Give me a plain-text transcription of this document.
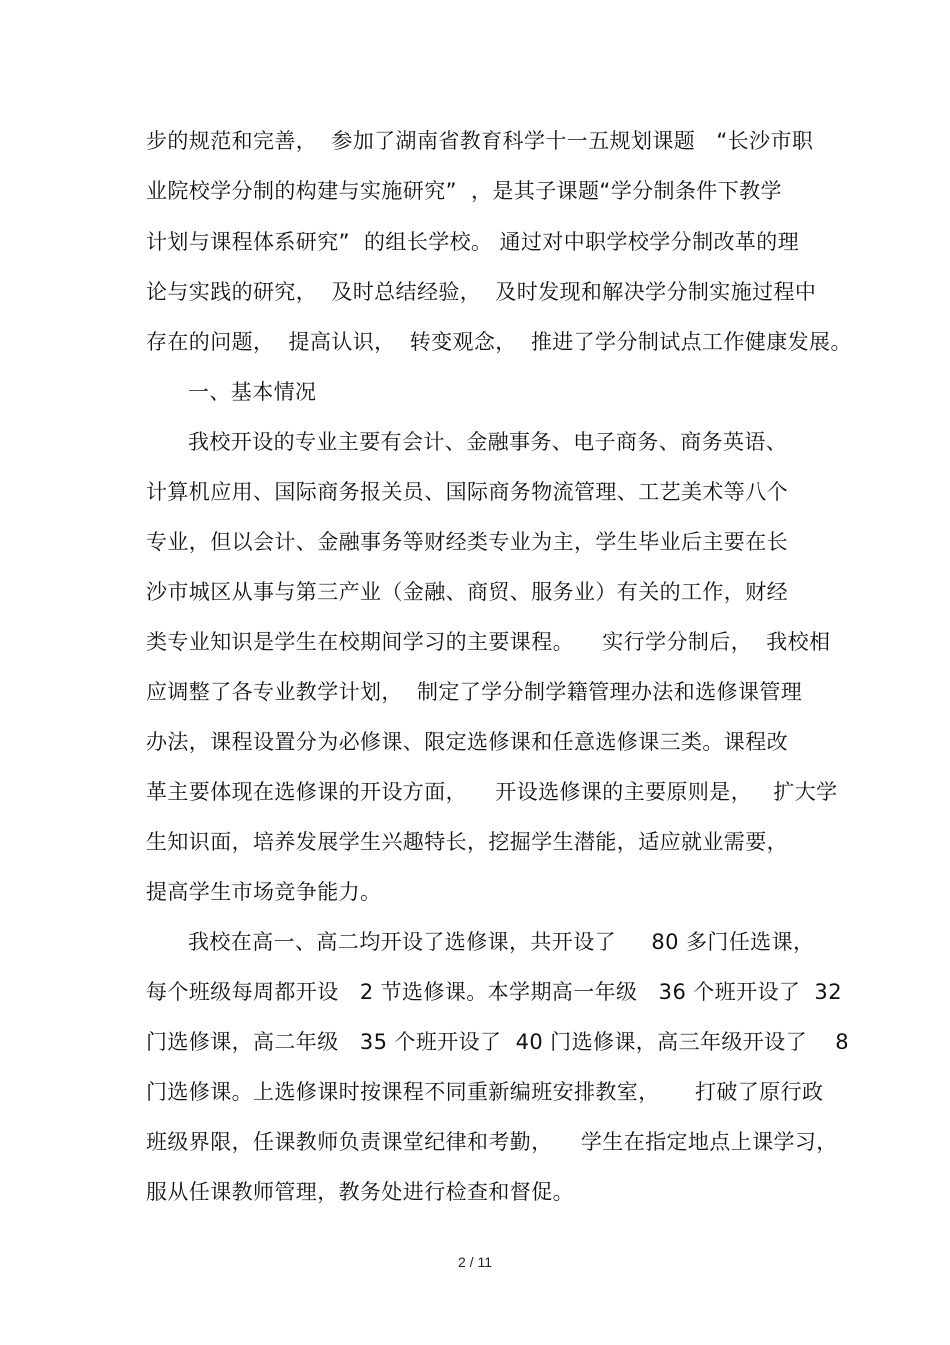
步的规范和完善，  参加了湖南省教育科学十一五规划课题   “长沙市职
业院校学分制的构建与实施研究”  ，是其子课题“学分制条件下教学
计划与课程体系研究”  的组长学校。 通过对中职学校学分制改革的理
论与实践的研究，  及时总结经验，  及时发现和解决学分制实施过程中
存在的问题，  提高认识，  转变观念，  推进了学分制试点工作健康发展。
一、基本情况
我校开设的专业主要有会计、金融事务、电子商务、商务英语、
计算机应用、国际商务报关员、国际商务物流管理、工艺美术等八个
专业，但以会计、金融事务等财经类专业为主，学生毕业后主要在长
沙市城区从事与第三产业（金融、商贸、服务业）有关的工作，财经
类专业知识是学生在校期间学习的主要课程。    实行学分制后，  我校相
应调整了各专业教学计划，  制定了学分制学籍管理办法和选修课管理
办法，课程设置分为必修课、限定选修课和任意选修课三类。课程改
革主要体现在选修课的开设方面，    开设选修课的主要原则是，   扩大学
生知识面，培养发展学生兴趣特长，挖掘学生潜能，适应就业需要，
提高学生市场竞争能力。
我校在高一、高二均开设了选修课，共开设了     80 多门任选课，
每个班级每周都开设   2 节选修课。本学期高一年级   36 个班开设了  32
门选修课，高二年级   35 个班开设了  40 门选修课，高三年级开设了    8
门选修课。上选修课时按课程不同重新编班安排教室，     打破了原行政
班级界限，任课教师负责课堂纪律和考勤，    学生在指定地点上课学习，
服从任课教师管理，教务处进行检查和督促。
2 / 11
